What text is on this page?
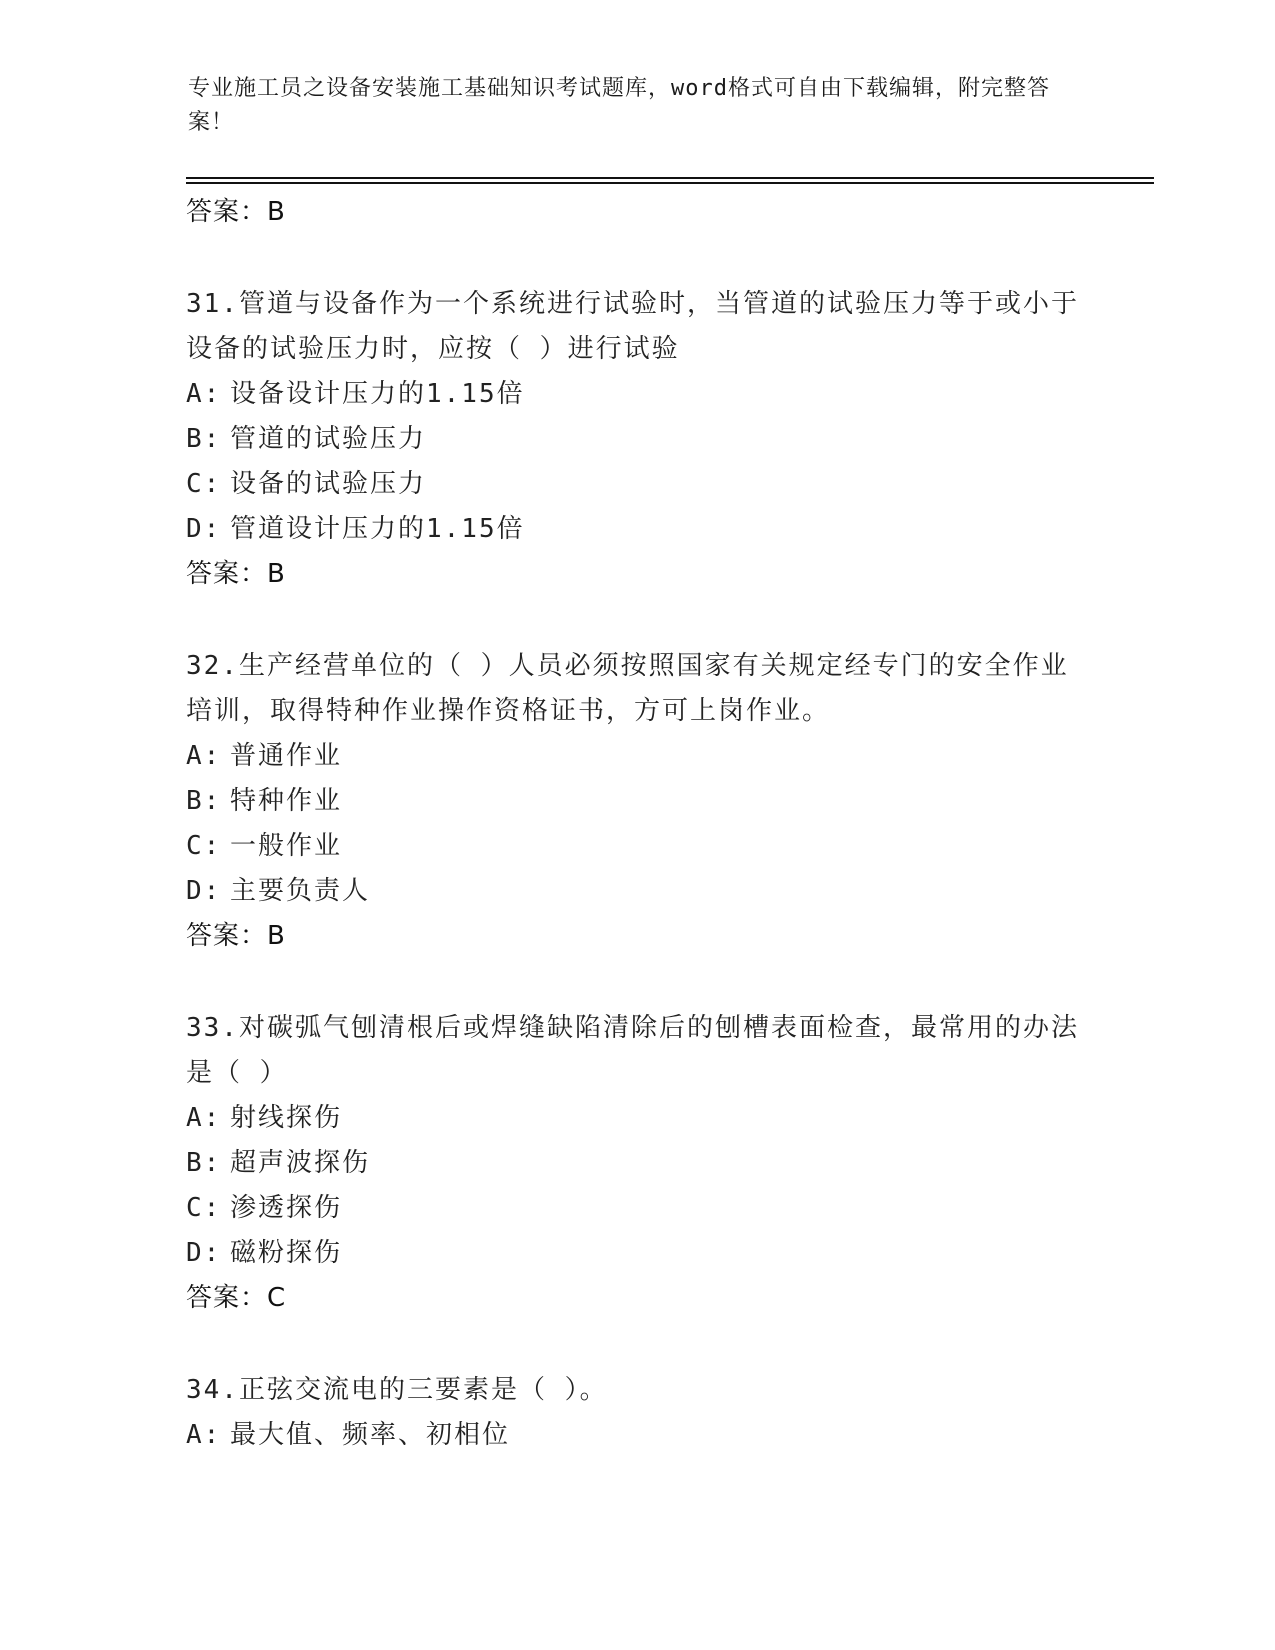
专业施工员之设备安装施工基础知识考试题库，word格式可自由下载编辑，附完整答案！
答案：B
31.管道与设备作为一个系统进行试验时，当管道的试验压力等于或小于设备的试验压力时，应按（ ）进行试验
A: 设备设计压力的1.15倍
B: 管道的试验压力
C: 设备的试验压力
D: 管道设计压力的1.15倍
答案：B
32.生产经营单位的（ ）人员必须按照国家有关规定经专门的安全作业培训，取得特种作业操作资格证书，方可上岗作业。
A: 普通作业
B: 特种作业
C: 一般作业
D: 主要负责人
答案：B
33.对碳弧气刨清根后或焊缝缺陷清除后的刨槽表面检查，最常用的办法是（ ）
A: 射线探伤
B: 超声波探伤
C: 渗透探伤
D: 磁粉探伤
答案：C
34.正弦交流电的三要素是（ ）。
A: 最大值、频率、初相位
